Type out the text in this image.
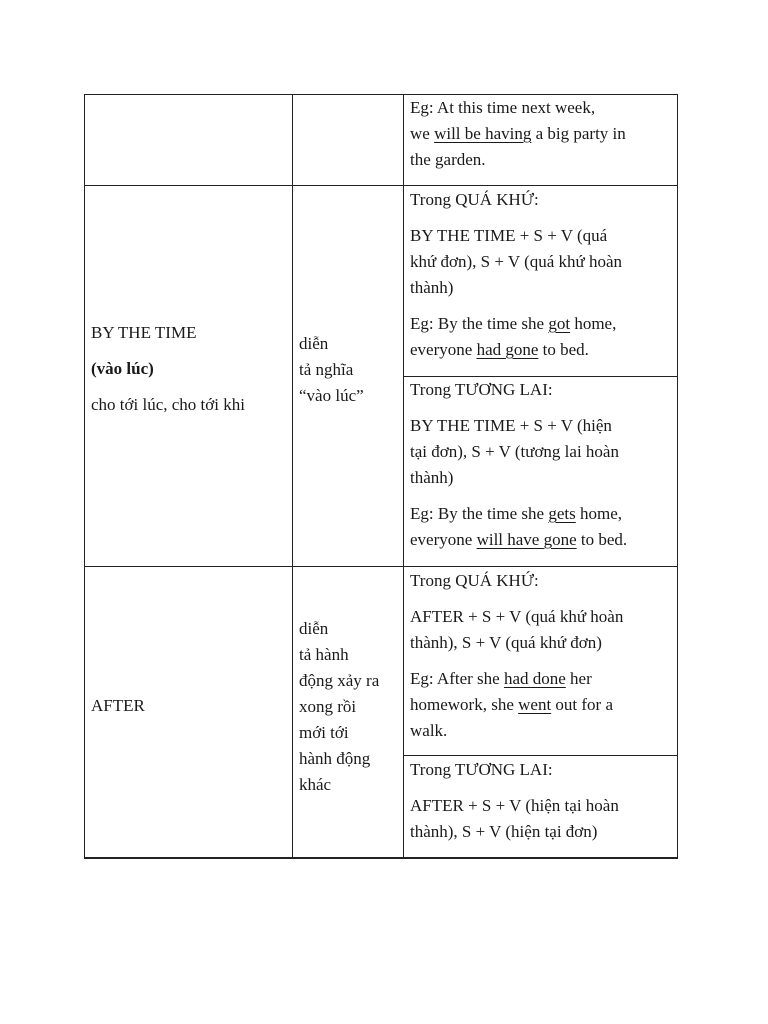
Eg: At this time next week,
we will be having a big party in
the garden.

BY THE TIME

(vào lúc)

cho tới lúc, cho tới khi

diễn

tả nghĩa
“vào lúc”

Trong QUÁ KHỨ:

BY THE TIME + S + V (quá
khứ đơn), S + V (quá khứ hoàn
thành)

Eg: By the time she got home,
everyone had gone to bed.

Trong TƯƠNG LAI:

BY THE TIME + S + V (hiện
tại đơn), S + V (tương lai hoàn
thành)

Eg: By the time she gets home,
everyone will have gone to bed.

AFTER

diễn
tả hành
động xảy ra
xong rồi
mới tới
hành động
khác

Trong QUÁ KHỨ:

AFTER + S + V (quá khứ hoàn
thành), S + V (quá khứ đơn)

Eg: After she had done her
homework, she went out for a
walk.

Trong TƯƠNG LAI:

AFTER + S + V (hiện tại hoàn
thành), S + V (hiện tại đơn)
